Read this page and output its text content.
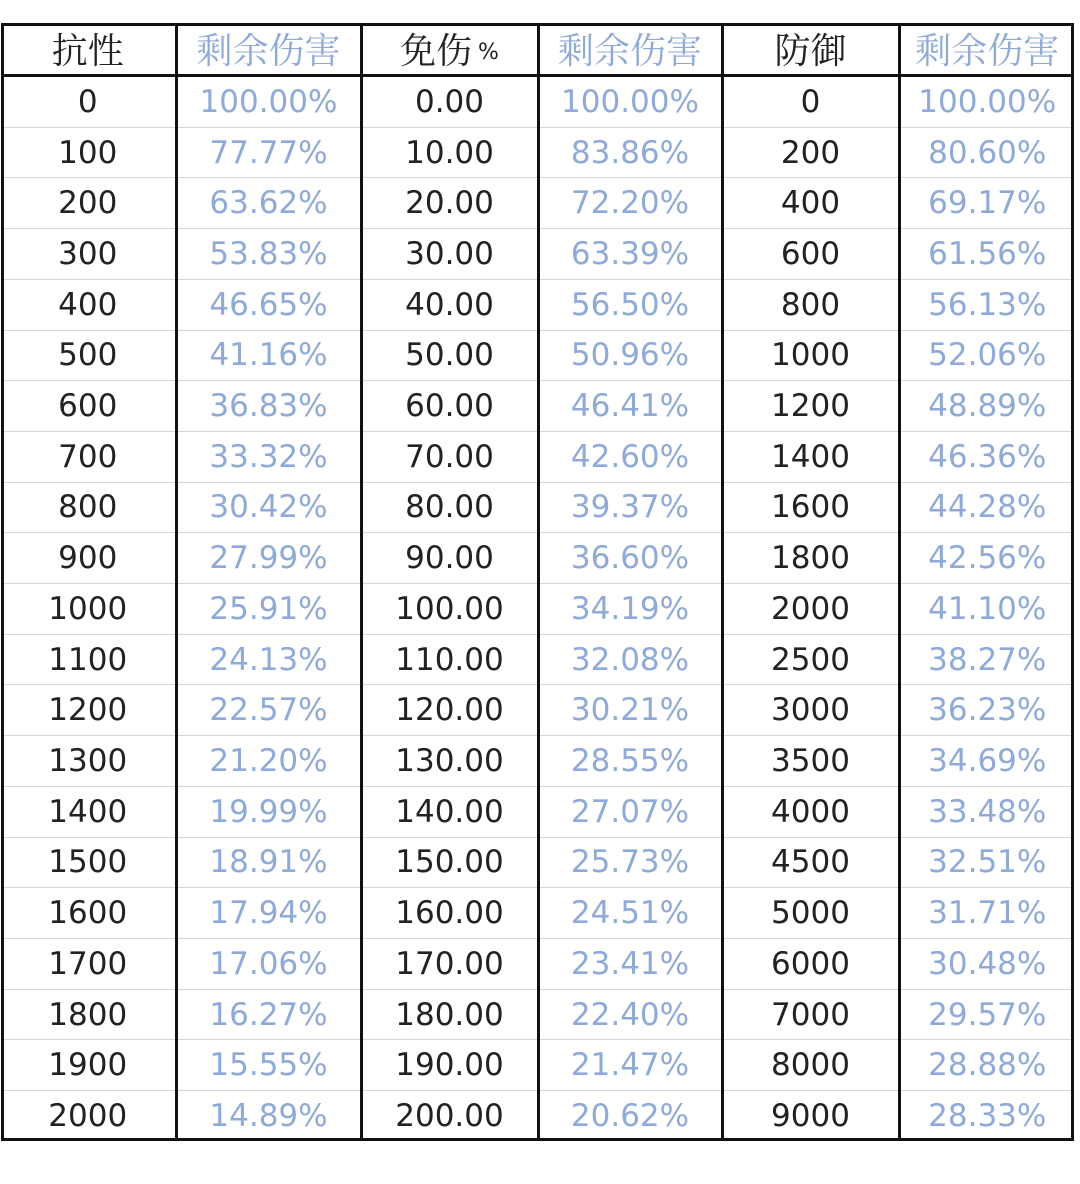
抗性	剩余伤害	免伤 %	剩余伤害	防御	剩余伤害
0	100.00%	0.00	100.00%	0	100.00%
100	77.77%	10.00	83.86%	200	80.60%
200	63.62%	20.00	72.20%	400	69.17%
300	53.83%	30.00	63.39%	600	61.56%
400	46.65%	40.00	56.50%	800	56.13%
500	41.16%	50.00	50.96%	1000	52.06%
600	36.83%	60.00	46.41%	1200	48.89%
700	33.32%	70.00	42.60%	1400	46.36%
800	30.42%	80.00	39.37%	1600	44.28%
900	27.99%	90.00	36.60%	1800	42.56%
1000	25.91%	100.00	34.19%	2000	41.10%
1100	24.13%	110.00	32.08%	2500	38.27%
1200	22.57%	120.00	30.21%	3000	36.23%
1300	21.20%	130.00	28.55%	3500	34.69%
1400	19.99%	140.00	27.07%	4000	33.48%
1500	18.91%	150.00	25.73%	4500	32.51%
1600	17.94%	160.00	24.51%	5000	31.71%
1700	17.06%	170.00	23.41%	6000	30.48%
1800	16.27%	180.00	22.40%	7000	29.57%
1900	15.55%	190.00	21.47%	8000	28.88%
2000	14.89%	200.00	20.62%	9000	28.33%
